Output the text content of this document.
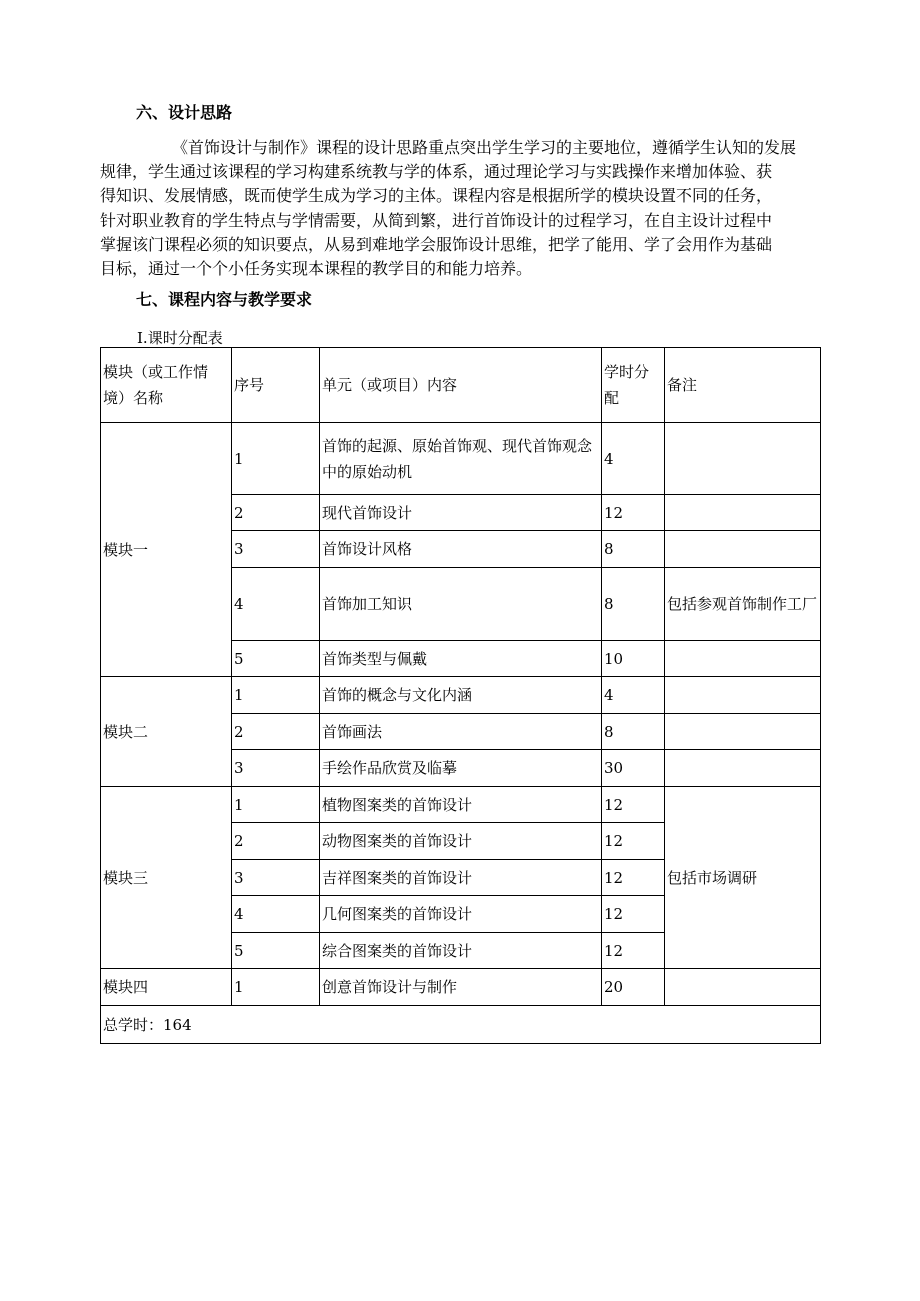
六、设计思路
《首饰设计与制作》课程的设计思路重点突出学生学习的主要地位，遵循学生认知的发展
规律，学生通过该课程的学习构建系统教与学的体系，通过理论学习与实践操作来增加体验、获
得知识、发展情感，既而使学生成为学习的主体。课程内容是根据所学的模块设置不同的任务，
针对职业教育的学生特点与学情需要，从简到繁，进行首饰设计的过程学习，在自主设计过程中
掌握该门课程必须的知识要点，从易到难地学会服饰设计思维，把学了能用、学了会用作为基础
目标，通过一个个小任务实现本课程的教学目的和能力培养。
七、课程内容与教学要求
I.课时分配表
模块（或工作情境）名称	序号	单元（或项目）内容	学时分配	备注
模块一	1	首饰的起源、原始首饰观、现代首饰观念中的原始动机	4	
	2	现代首饰设计	12	
	3	首饰设计风格	8	
	4	首饰加工知识	8	包括参观首饰制作工厂
	5	首饰类型与佩戴	10	
模块二	1	首饰的概念与文化内涵	4	
	2	首饰画法	8	
	3	手绘作品欣赏及临摹	30	
模块三	1	植物图案类的首饰设计	12	包括市场调研
	2	动物图案类的首饰设计	12	
	3	吉祥图案类的首饰设计	12	
	4	几何图案类的首饰设计	12	
	5	综合图案类的首饰设计	12	
模块四	1	创意首饰设计与制作	20	
总学时：164				
